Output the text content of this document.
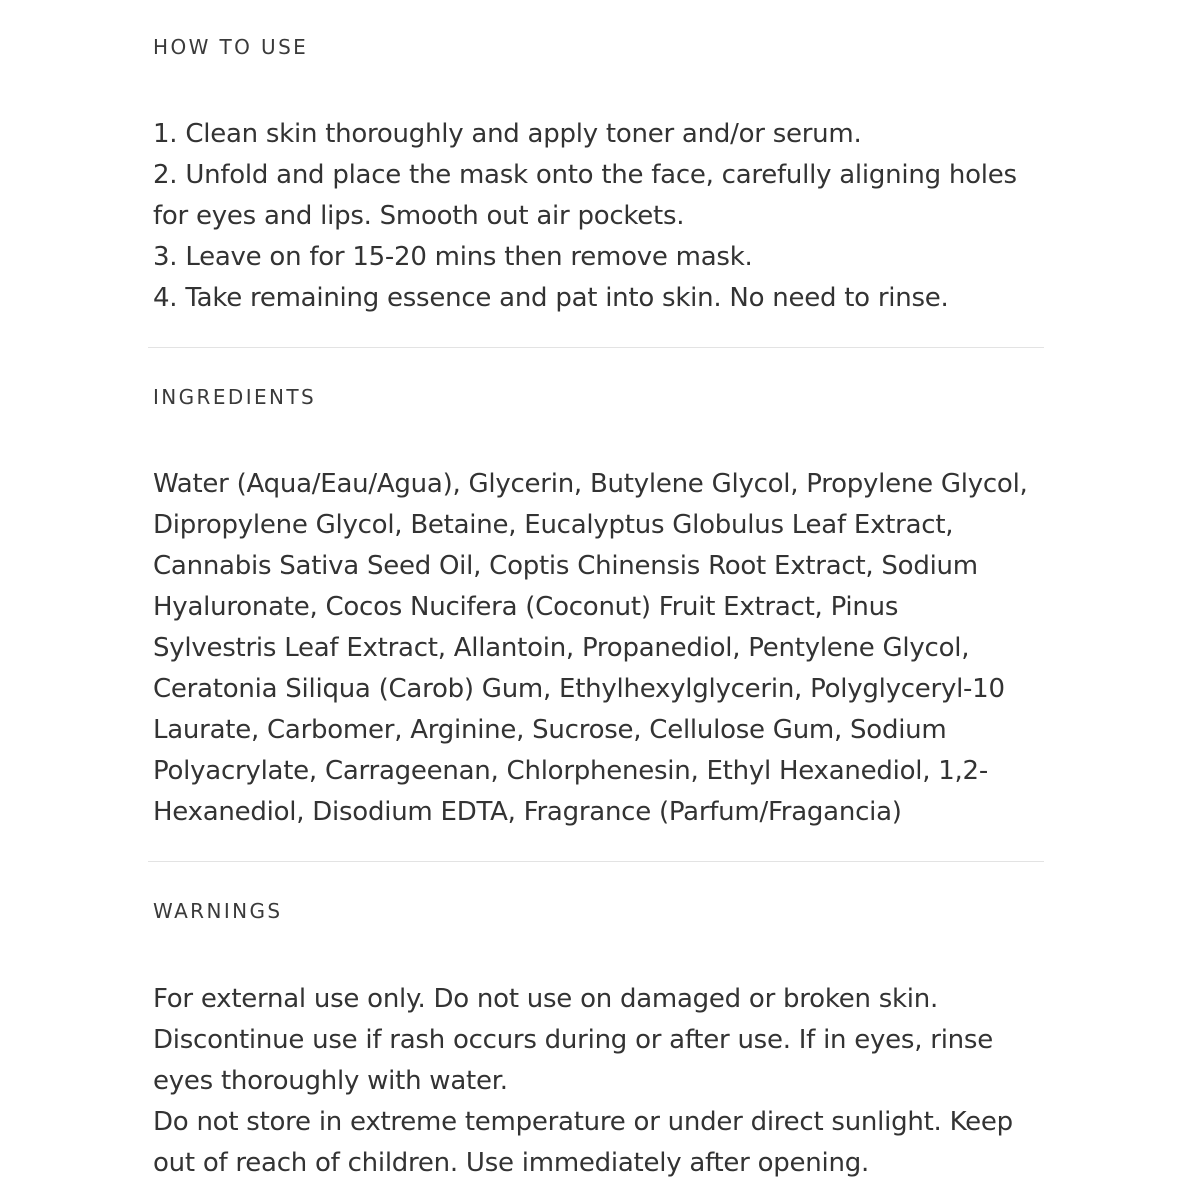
HOW TO USE
1. Clean skin thoroughly and apply toner and/or serum.
2. Unfold and place the mask onto the face, carefully aligning holes
for eyes and lips. Smooth out air pockets.
3. Leave on for 15-20 mins then remove mask.
4. Take remaining essence and pat into skin. No need to rinse.
INGREDIENTS
Water (Aqua/Eau/Agua), Glycerin, Butylene Glycol, Propylene Glycol,
Dipropylene Glycol, Betaine, Eucalyptus Globulus Leaf Extract,
Cannabis Sativa Seed Oil, Coptis Chinensis Root Extract, Sodium
Hyaluronate, Cocos Nucifera (Coconut) Fruit Extract, Pinus
Sylvestris Leaf Extract, Allantoin, Propanediol, Pentylene Glycol,
Ceratonia Siliqua (Carob) Gum, Ethylhexylglycerin, Polyglyceryl-10
Laurate, Carbomer, Arginine, Sucrose, Cellulose Gum, Sodium
Polyacrylate, Carrageenan, Chlorphenesin, Ethyl Hexanediol, 1,2-
Hexanediol, Disodium EDTA, Fragrance (Parfum/Fragancia)
WARNINGS
For external use only. Do not use on damaged or broken skin.
Discontinue use if rash occurs during or after use. If in eyes, rinse
eyes thoroughly with water.
Do not store in extreme temperature or under direct sunlight. Keep
out of reach of children. Use immediately after opening.
